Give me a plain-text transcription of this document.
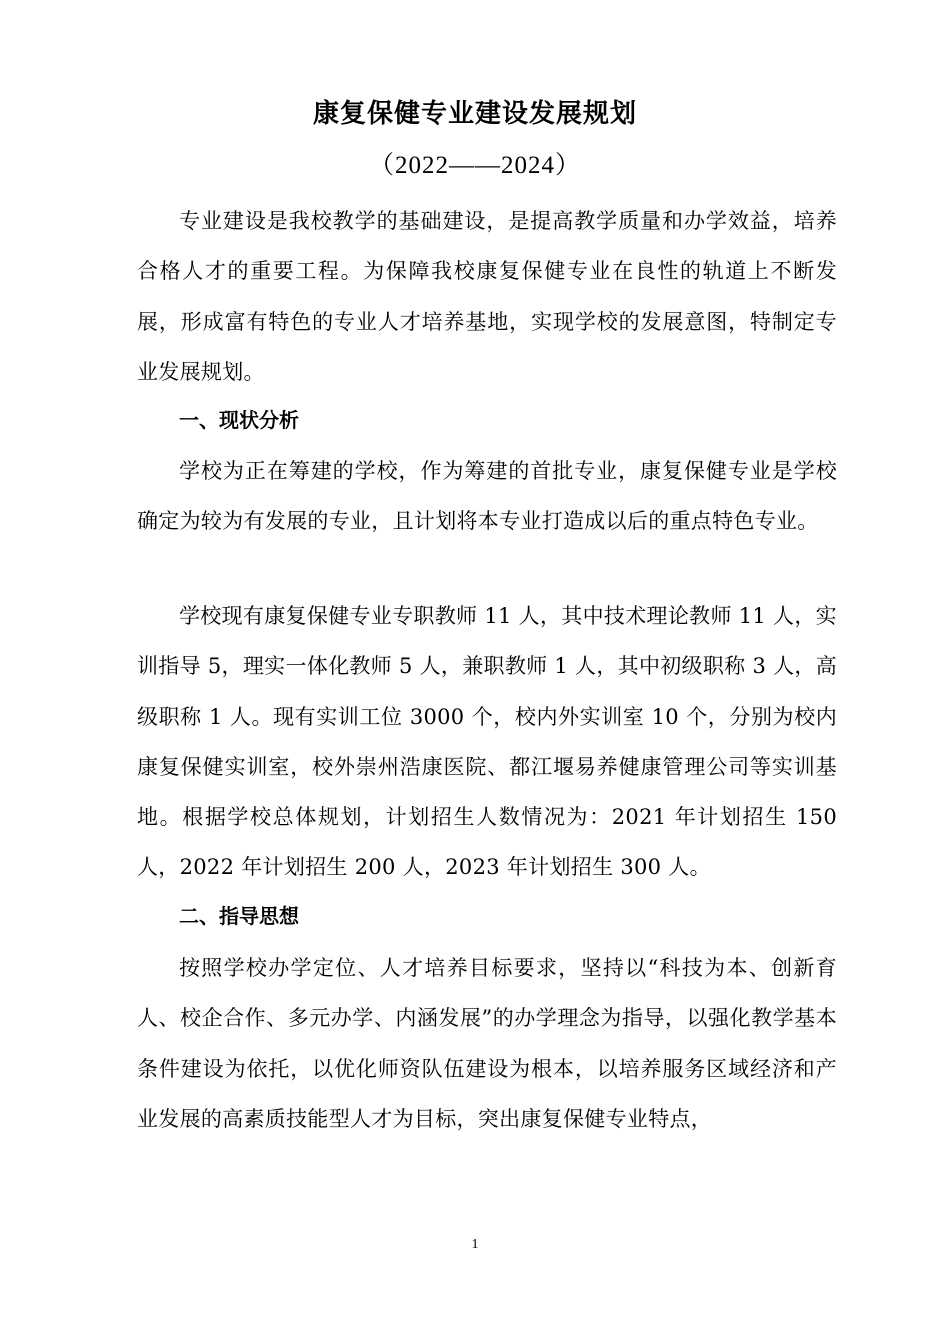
康复保健专业建设发展规划
（2022——2024）
专业建设是我校教学的基础建设，是提高教学质量和办学效益，培养合格人才的重要工程。为保障我校康复保健专业在良性的轨道上不断发展，形成富有特色的专业人才培养基地，实现学校的发展意图，特制定专业发展规划。
一、现状分析
学校为正在筹建的学校，作为筹建的首批专业，康复保健专业是学校确定为较为有发展的专业，且计划将本专业打造成以后的重点特色专业。
学校现有康复保健专业专职教师 11 人，其中技术理论教师 11 人，实训指导 5，理实一体化教师 5 人，兼职教师 1 人，其中初级职称 3 人，高级职称 1 人。现有实训工位 3000 个，校内外实训室 10 个，分别为校内康复保健实训室，校外崇州浩康医院、都江堰易养健康管理公司等实训基地。根据学校总体规划，计划招生人数情况为：2021 年计划招生 150 人，2022 年计划招生 200 人，2023 年计划招生 300 人。
二、指导思想
按照学校办学定位、人才培养目标要求，坚持以“科技为本、创新育人、校企合作、多元办学、内涵发展”的办学理念为指导，以强化教学基本条件建设为依托，以优化师资队伍建设为根本，以培养服务区域经济和产业发展的高素质技能型人才为目标，突出康复保健专业特点，
1
